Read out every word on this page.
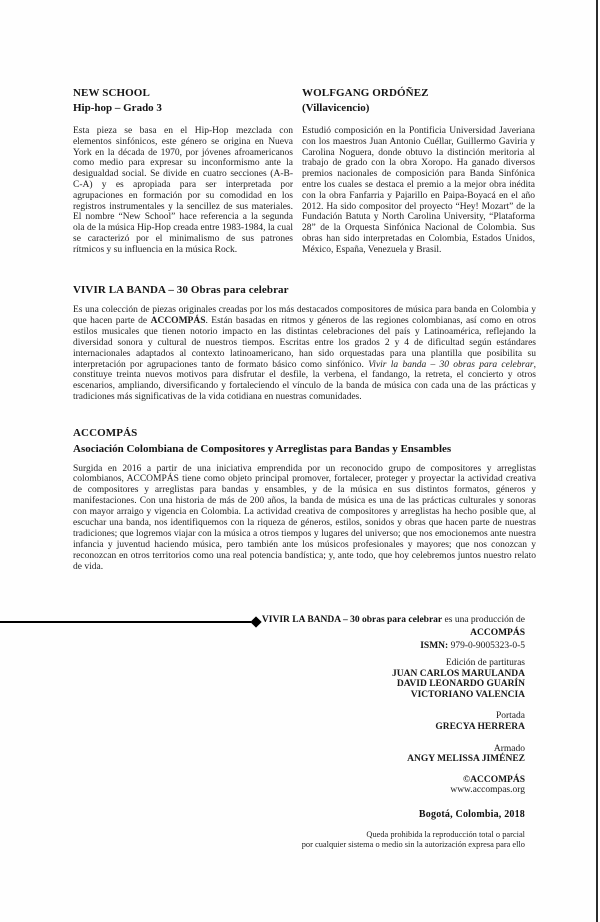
NEW SCHOOL
Hip-hop – Grado 3

Esta pieza se basa en el Hip-Hop mezclada con elementos sinfónicos, este género se origina en Nueva York en la década de 1970, por jóvenes afroamericanos como medio para expresar su inconformismo ante la desigualdad social. Se divide en cuatro secciones (A-B-C-A) y es apropiada para ser interpretada por agrupaciones en formación por su comodidad en los registros instrumentales y la sencillez de sus materiales. El nombre “New School” hace referencia a la segunda ola de la música Hip-Hop creada entre 1983-1984, la cual se caracterizó por el minimalismo de sus patrones rítmicos y su influencia en la música Rock.

WOLFGANG ORDÓÑEZ
(Villavicencio)

Estudió composición en la Pontificia Universidad Javeriana con los maestros Juan Antonio Cuéllar, Guillermo Gaviria y Carolina Noguera, donde obtuvo la distinción meritoria al trabajo de grado con la obra Xoropo. Ha ganado diversos premios nacionales de composición para Banda Sinfónica entre los cuales se destaca el premio a la mejor obra inédita con la obra Fanfarria y Pajarillo en Paipa-Boyacá en el año 2012. Ha sido compositor del proyecto “Hey! Mozart” de la Fundación Batuta y North Carolina University, “Plataforma 28” de la Orquesta Sinfónica Nacional de Colombia. Sus obras han sido interpretadas en Colombia, Estados Unidos, México, España, Venezuela y Brasil.

VIVIR LA BANDA – 30 Obras para celebrar

Es una colección de piezas originales creadas por los más destacados compositores de música para banda en Colombia y que hacen parte de ACCOMPÁS. Están basadas en ritmos y géneros de las regiones colombianas, así como en otros estilos musicales que tienen notorio impacto en las distintas celebraciones del país y Latinoamérica, reflejando la diversidad sonora y cultural de nuestros tiempos. Escritas entre los grados 2 y 4 de dificultad según estándares internacionales adaptados al contexto latinoamericano, han sido orquestadas para una plantilla que posibilita su interpretación por agrupaciones tanto de formato básico como sinfónico. Vivir la banda – 30 obras para celebrar, constituye treinta nuevos motivos para disfrutar el desfile, la verbena, el fandango, la retreta, el concierto y otros escenarios, ampliando, diversificando y fortaleciendo el vínculo de la banda de música con cada una de las prácticas y tradiciones más significativas de la vida cotidiana en nuestras comunidades.

ACCOMPÁS
Asociación Colombiana de Compositores y Arreglistas para Bandas y Ensambles

Surgida en 2016 a partir de una iniciativa emprendida por un reconocido grupo de compositores y arreglistas colombianos, ACCOMPÁS tiene como objeto principal promover, fortalecer, proteger y proyectar la actividad creativa de compositores y arreglistas para bandas y ensambles, y de la música en sus distintos formatos, géneros y manifestaciones. Con una historia de más de 200 años, la banda de música es una de las prácticas culturales y sonoras con mayor arraigo y vigencia en Colombia. La actividad creativa de compositores y arreglistas ha hecho posible que, al escuchar una banda, nos identifiquemos con la riqueza de géneros, estilos, sonidos y obras que hacen parte de nuestras tradiciones; que logremos viajar con la música a otros tiempos y lugares del universo; que nos emocionemos ante nuestra infancia y juventud haciendo música, pero también ante los músicos profesionales y mayores; que nos conozcan y reconozcan en otros territorios como una real potencia bandística; y, ante todo, que hoy celebremos juntos nuestro relato de vida.

VIVIR LA BANDA – 30 obras para celebrar es una producción de
ACCOMPÁS
ISMN: 979-0-9005323-0-5
Edición de partituras
JUAN CARLOS MARULANDA
DAVID LEONARDO GUARÍN
VICTORIANO VALENCIA
Portada
GRECYA HERRERA
Armado
ANGY MELISSA JIMÉNEZ
©ACCOMPÁS
www.accompas.org
Bogotá, Colombia, 2018
Queda prohibida la reproducción total o parcial
por cualquier sistema o medio sin la autorización expresa para ello
